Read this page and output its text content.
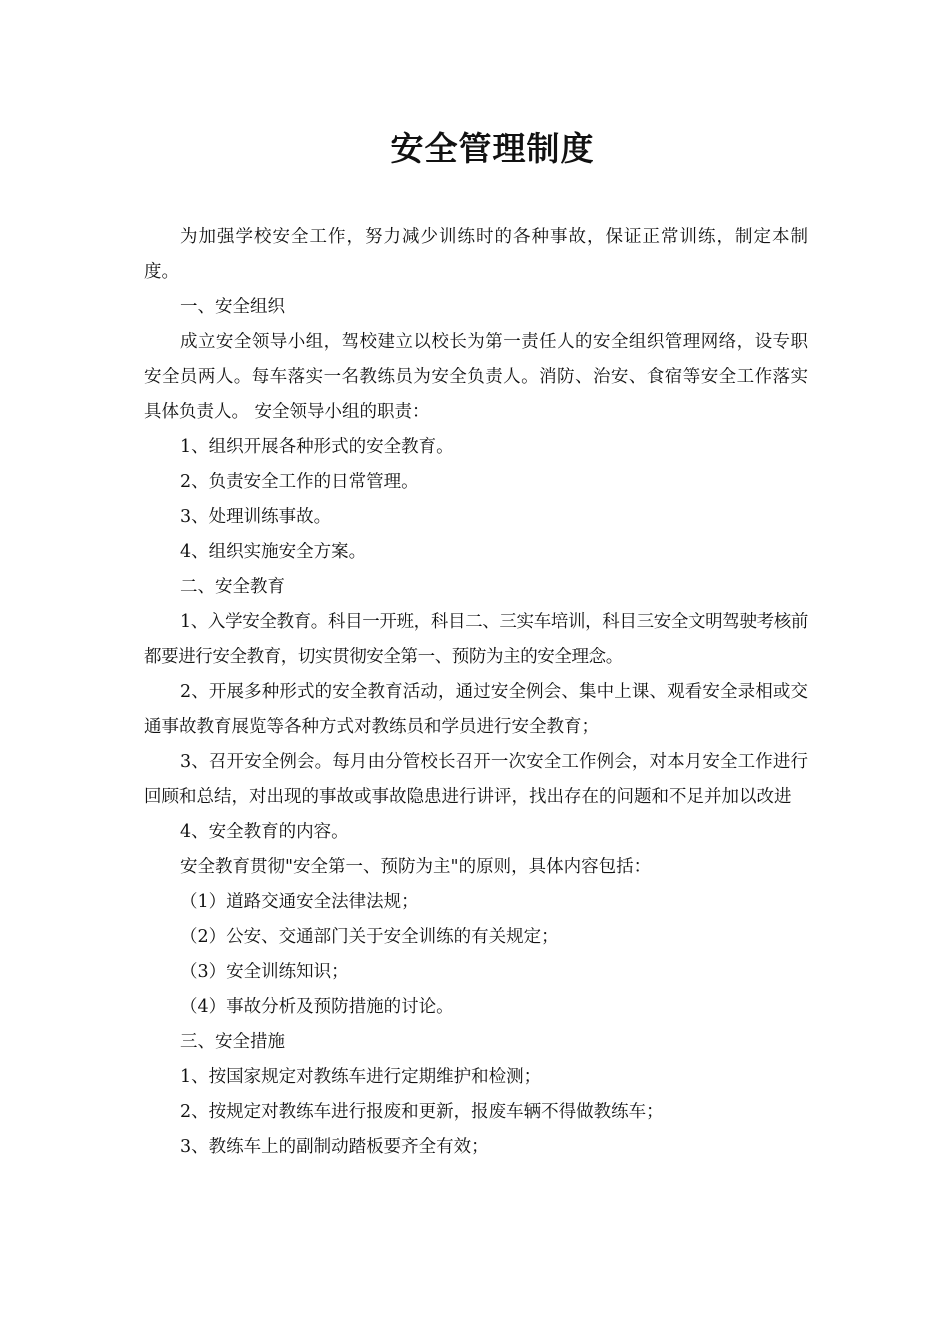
安全管理制度

为加强学校安全工作，努力减少训练时的各种事故，保证正常训练，制定本制度。

一、安全组织

成立安全领导小组，驾校建立以校长为第一责任人的安全组织管理网络，设专职安全员两人。每车落实一名教练员为安全负责人。消防、治安、食宿等安全工作落实具体负责人。 安全领导小组的职责：

1、组织开展各种形式的安全教育。

2、负责安全工作的日常管理。

3、处理训练事故。

4、组织实施安全方案。

二、安全教育

1、入学安全教育。科目一开班，科目二、三实车培训，科目三安全文明驾驶考核前都要进行安全教育，切实贯彻安全第一、预防为主的安全理念。

2、开展多种形式的安全教育活动，通过安全例会、集中上课、观看安全录相或交通事故教育展览等各种方式对教练员和学员进行安全教育；

3、召开安全例会。每月由分管校长召开一次安全工作例会，对本月安全工作进行回顾和总结，对出现的事故或事故隐患进行讲评，找出存在的问题和不足并加以改进

4、安全教育的内容。

安全教育贯彻"安全第一、预防为主"的原则，具体内容包括：

（1）道路交通安全法律法规；

（2）公安、交通部门关于安全训练的有关规定；

（3）安全训练知识；

（4）事故分析及预防措施的讨论。

三、安全措施

1、按国家规定对教练车进行定期维护和检测；

2、按规定对教练车进行报废和更新，报废车辆不得做教练车；

3、教练车上的副制动踏板要齐全有效；
